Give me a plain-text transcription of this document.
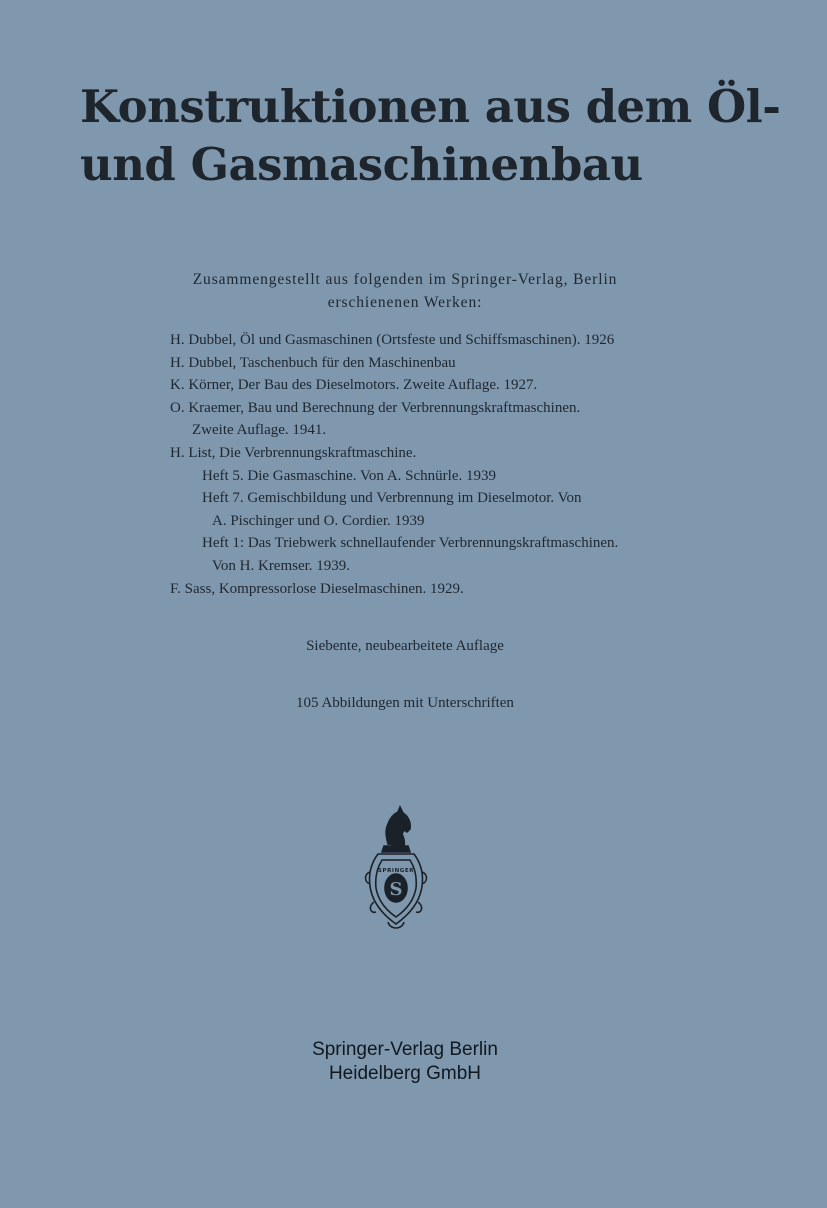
Konstruktionen aus dem Öl-
und Gasmaschinenbau
Zusammengestellt aus folgenden im Springer-Verlag, Berlin
erschienenen Werken:
H. Dubbel, Öl und Gasmaschinen (Ortsfeste und Schiffsmaschinen). 1926
H. Dubbel, Taschenbuch für den Maschinenbau
K. Körner, Der Bau des Dieselmotors. Zweite Auflage. 1927.
O. Kraemer, Bau und Berechnung der Verbrennungskraftmaschinen.
Zweite Auflage. 1941.
H. List, Die Verbrennungskraftmaschine.
Heft 5. Die Gasmaschine. Von A. Schnürle. 1939
Heft 7. Gemischbildung und Verbrennung im Dieselmotor. Von
A. Pischinger und O. Cordier. 1939
Heft 1: Das Triebwerk schnellaufender Verbrennungskraftmaschinen.
Von H. Kremser. 1939.
F. Sass, Kompressorlose Dieselmaschinen. 1929.
Siebente, neubearbeitete Auflage
105 Abbildungen mit Unterschriften
S
SPRINGER
Springer-Verlag Berlin
Heidelberg GmbH
